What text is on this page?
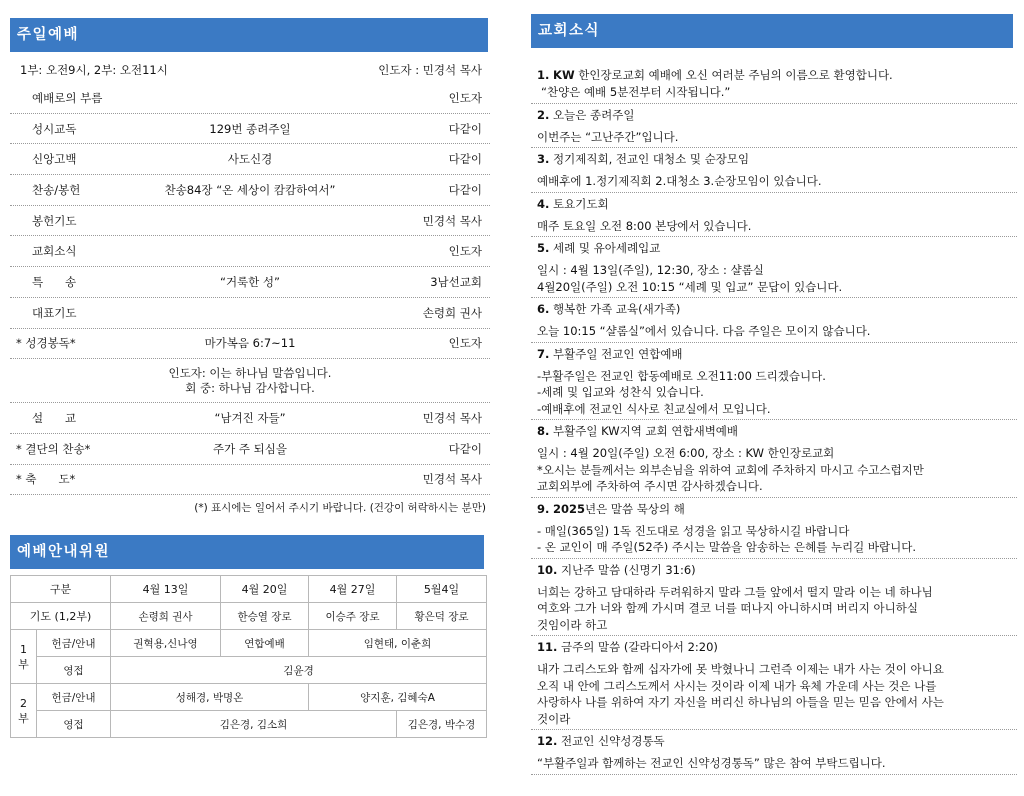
주일예배
1부: 오전9시, 2부: 오전11시	인도자 : 민경석 목사
예배로의 부름	인도자
성시교독	129번 종려주일	다같이
신앙고백	사도신경	다같이
찬송/봉헌	찬송84장 “온 세상이 캄캄하여서”	다같이
봉헌기도	민경석 목사
교회소식	인도자
특      송	“거룩한 성”	3남선교회
대표기도	손령희 권사
* 성경봉독*	마가복음 6:7~11	인도자
인도자: 이는 하나님 말씀입니다.
회 중: 하나님 감사합니다.
설      교	“남겨진 자들”	민경석 목사
* 결단의 찬송*	주가 주 되심을	다같이
* 축      도*	민경석 목사
(*) 표시에는 일어서 주시기 바랍니다. (건강이 허락하시는 분만)
예배안내위원
구분		4월 13일	4월 20일	4월 27일	5월4일
기도 (1,2부)		손령희 권사	한승열 장로	이승주 장로	황은덕 장로
1
부	헌금/안내	권혁용,신나영	연합예배	임현태, 이춘희	
	영접	김윤경			
2
부	헌금/안내	성해경, 박명온		양지훈, 김혜숙A	
	영접	김은경, 김소희			김은경, 박수경
교회소식
1. KW 한인장로교회 예배에 오신 여러분 주님의 이름으로 환영합니다.
“찬양은 예배 5분전부터 시작됩니다.”
2. 오늘은 종려주일
이번주는 “고난주간”입니다.
3. 정기제직회, 전교인 대청소 및 순장모임
예배후에 1.정기제직회 2.대청소 3.순장모임이 있습니다.
4. 토요기도회
매주 토요일 오전 8:00 본당에서 있습니다.
5. 세례 및 유아세례입교
일시 : 4월 13일(주일), 12:30, 장소 : 샬롬실
4월20일(주일) 오전 10:15 “세례 및 입교” 문답이 있습니다.
6. 행복한 가족 교육(새가족)
오늘 10:15 “샬롬실”에서 있습니다. 다음 주일은 모이지 않습니다.
7. 부활주일 전교인 연합예배
-부활주일은 전교인 합동예배로 오전11:00 드리겠습니다.
-세례 및 입교와 성찬식 있습니다.
-예배후에 전교인 식사로 친교실에서 모입니다.
8. 부활주일 KW지역 교회 연합새벽예배
일시 : 4월 20일(주일) 오전 6:00, 장소 : KW 한인장로교회
*오시는 분들께서는 외부손님을 위하여 교회에 주차하지 마시고 수고스럽지만
교회외부에 주차하여 주시면 감사하겠습니다.
9. 2025년은 말씀 묵상의 해
- 매일(365일) 1독 진도대로 성경을 읽고 묵상하시길 바랍니다
- 온 교인이 매 주일(52주) 주시는 말씀을 암송하는 은혜를 누리길 바랍니다.
10. 지난주 말씀 (신명기 31:6)
너희는 강하고 담대하라 두려워하지 말라 그들 앞에서 떨지 말라 이는 네 하나님
여호와 그가 너와 함께 가시며 결코 너를 떠나지 아니하시며 버리지 아니하실
것임이라 하고
11. 금주의 말씀 (갈라디아서 2:20)
내가 그리스도와 함께 십자가에 못 박혔나니 그런즉 이제는 내가 사는 것이 아니요
오직 내 안에 그리스도께서 사시는 것이라 이제 내가 육체 가운데 사는 것은 나를
사랑하사 나를 위하여 자기 자신을 버리신 하나님의 아들을 믿는 믿음 안에서 사는
것이라
12. 전교인 신약성경통독
“부활주일과 함께하는 전교인 신약성경통독” 많은 참여 부탁드립니다.
